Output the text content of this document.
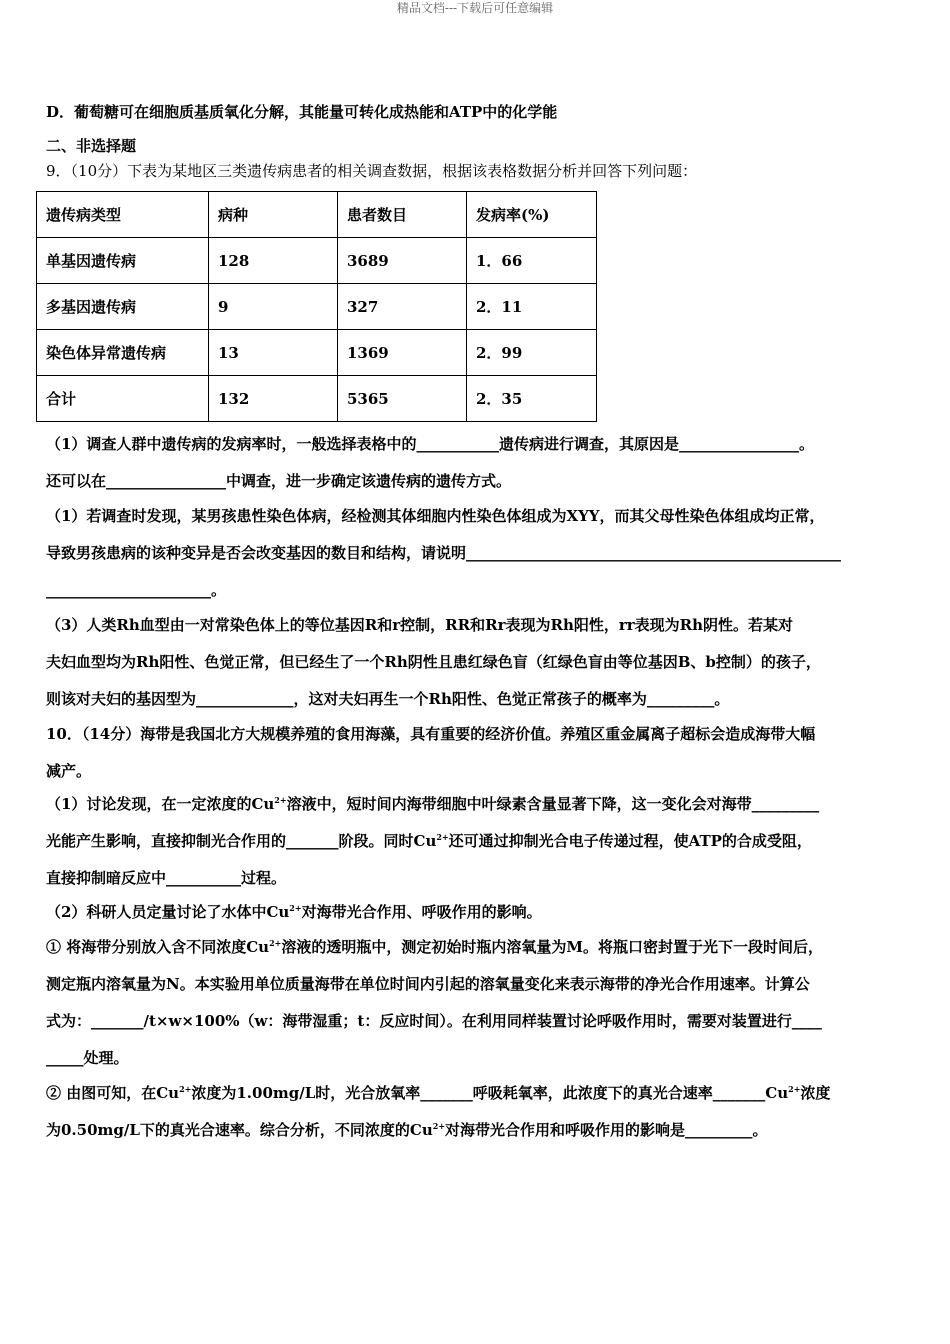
精品文档---下载后可任意编辑
D．葡萄糖可在细胞质基质氧化分解，其能量可转化成热能和ATP中的化学能
二、非选择题
9．（10分）下表为某地区三类遗传病患者的相关调查数据，根据该表格数据分析并回答下列问题：
（1）调查人群中遗传病的发病率时，一般选择表格中的___________遗传病进行调查，其原因是________________。
还可以在________________中调查，进一步确定该遗传病的遗传方式。
（1）若调查时发现，某男孩患性染色体病，经检测其体细胞内性染色体组成为XYY，而其父母性染色体组成均正常，
导致男孩患病的该种变异是否会改变基因的数目和结构，请说明__________________________________________________
______________________。
（3）人类Rh血型由一对常染色体上的等位基因R和r控制，RR和Rr表现为Rh阳性，rr表现为Rh阴性。若某对
夫妇血型均为Rh阳性、色觉正常，但已经生了一个Rh阴性且患红绿色盲（红绿色盲由等位基因B、b控制）的孩子，
则该对夫妇的基因型为_____________，这对夫妇再生一个Rh阳性、色觉正常孩子的概率为_________。
10．（14分）海带是我国北方大规模养殖的食用海藻，具有重要的经济价值。养殖区重金属离子超标会造成海带大幅
减产。
（1）讨论发现，在一定浓度的$Cu^{2+}$溶液中，短时间内海带细胞中叶绿素含量显著下降，这一变化会对海带_________
光能产生影响，直接抑制光合作用的_______阶段。同时$Cu^{2+}$还可通过抑制光合电子传递过程，使ATP的合成受阻，
直接抑制暗反应中__________过程。
（2）科研人员定量讨论了水体中$Cu^{2+}$对海带光合作用、呼吸作用的影响。
① 将海带分别放入含不同浓度$Cu^{2+}$溶液的透明瓶中，测定初始时瓶内溶氧量为M。将瓶口密封置于光下一段时间后，
测定瓶内溶氧量为N。本实验用单位质量海带在单位时间内引起的溶氧量变化来表示海带的净光合作用速率。计算公
式为：_______/t×w×100%（w：海带湿重；t：反应时间）。在利用同样装置讨论呼吸作用时，需要对装置进行____
_____处理。
② 由图可知，在$Cu^{2+}$浓度为1.00mg/L时，光合放氧率_______呼吸耗氧率，此浓度下的真光合速率$\_\_\_\_\_\_\_Cu^{2+}$浓度
为0.50mg/L下的真光合速率。综合分析，不同浓度的$Cu^{2+}$对海带光合作用和呼吸作用的影响是_________。
遗传病类型	病种	患者数目	发病率(%)
单基因遗传病	128	3689	1．66
多基因遗传病	9	327	2．11
染色体异常遗传病	13	1369	2．99
合计	132	5365	2．35
